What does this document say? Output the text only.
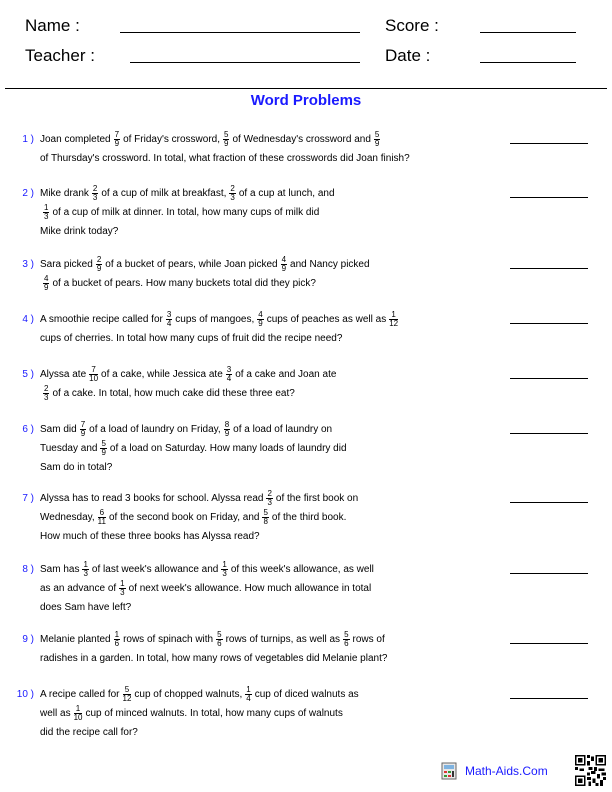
Name :	Score :
Teacher :	Date :
Word Problems
1 ) Joan completed $\frac{7}{9}$ of Friday's crossword, $\frac{5}{9}$ of Wednesday's crossword and $\frac{5}{9}$
of Thursday's crossword. In total, what fraction of these crosswords did Joan finish?
2 ) Mike drank $\frac{2}{3}$ of a cup of milk at breakfast, $\frac{2}{3}$ of a cup at lunch, and
$\frac{1}{3}$ of a cup of milk at dinner. In total, how many cups of milk did
Mike drink today?
3 ) Sara picked $\frac{2}{9}$ of a bucket of pears, while Joan picked $\frac{4}{9}$ and Nancy picked
$\frac{4}{9}$ of a bucket of pears. How many buckets total did they pick?
4 ) A smoothie recipe called for $\frac{3}{4}$ cups of mangoes, $\frac{4}{9}$ cups of peaches as well as $\frac{1}{12}$
cups of cherries. In total how many cups of fruit did the recipe need?
5 ) Alyssa ate $\frac{7}{10}$ of a cake, while Jessica ate $\frac{3}{4}$ of a cake and Joan ate
$\frac{2}{3}$ of a cake. In total, how much cake did these three eat?
6 ) Sam did $\frac{7}{9}$ of a load of laundry on Friday, $\frac{8}{9}$ of a load of laundry on
Tuesday and $\frac{5}{9}$ of a load on Saturday. How many loads of laundry did
Sam do in total?
7 ) Alyssa has to read 3 books for school. Alyssa read $\frac{2}{3}$ of the first book on
Wednesday, $\frac{6}{11}$ of the second book on Friday, and $\frac{5}{8}$ of the third book.
How much of these three books has Alyssa read?
8 ) Sam has $\frac{1}{3}$ of last week's allowance and $\frac{1}{3}$ of this week's allowance, as well
as an advance of $\frac{1}{3}$ of next week's allowance. How much allowance in total
does Sam have left?
9 ) Melanie planted $\frac{1}{6}$ rows of spinach with $\frac{5}{6}$ rows of turnips, as well as $\frac{5}{6}$ rows of
radishes in a garden. In total, how many rows of vegetables did Melanie plant?
10 ) A recipe called for $\frac{5}{12}$ cup of chopped walnuts, $\frac{1}{4}$ cup of diced walnuts as
well as $\frac{1}{10}$ cup of minced walnuts. In total, how many cups of walnuts
did the recipe call for?
Math-Aids.Com
